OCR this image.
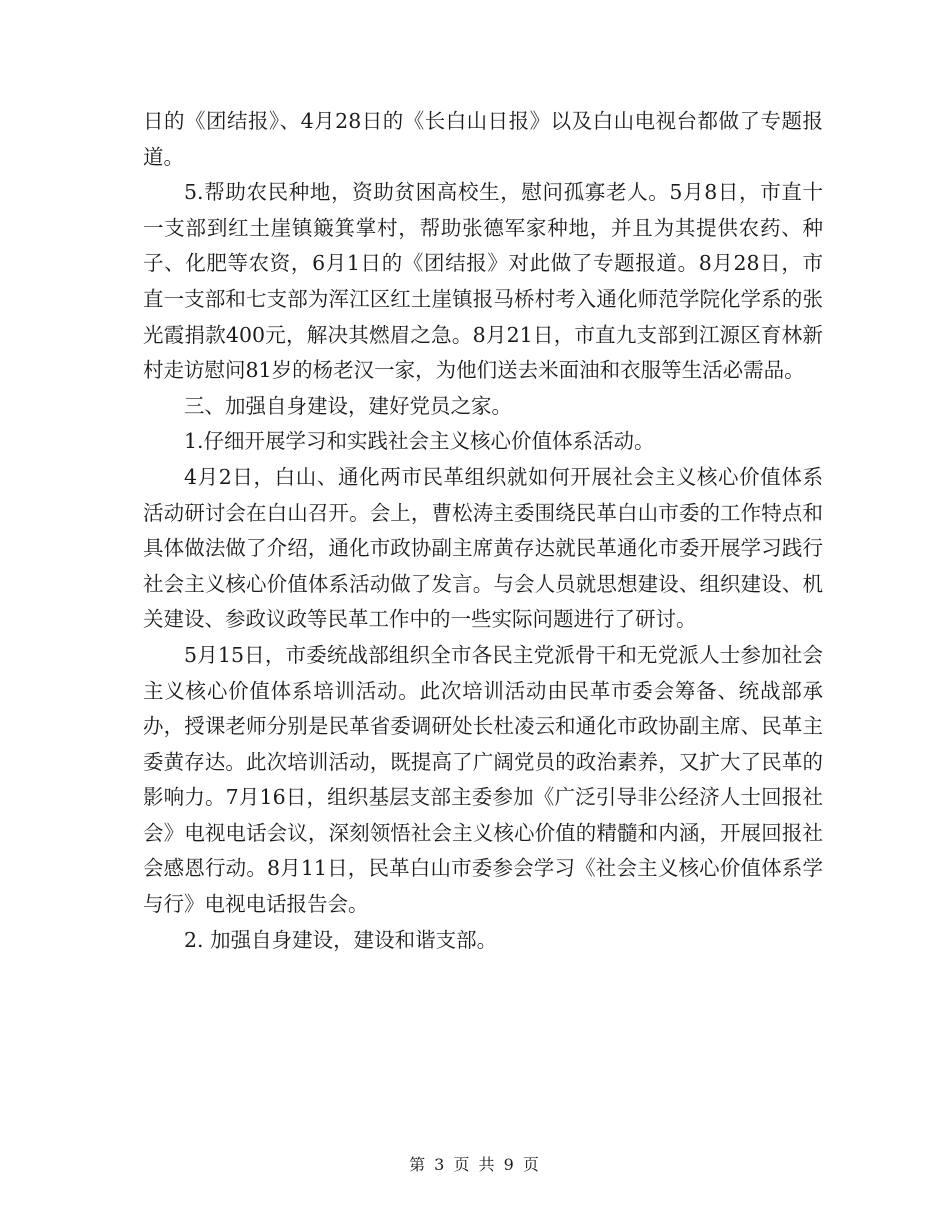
日的《团结报》、4月28日的《长白山日报》以及白山电视台都做了专题报道。

5.帮助农民种地，资助贫困高校生，慰问孤寡老人。5月8日，市直十一支部到红土崖镇簸箕掌村，帮助张德军家种地，并且为其提供农药、种子、化肥等农资，6月1日的《团结报》对此做了专题报道。8月28日，市直一支部和七支部为浑江区红土崖镇报马桥村考入通化师范学院化学系的张光霞捐款400元，解决其燃眉之急。8月21日，市直九支部到江源区育林新村走访慰问81岁的杨老汉一家，为他们送去米面油和衣服等生活必需品。

三、加强自身建设，建好党员之家。

1.仔细开展学习和实践社会主义核心价值体系活动。

4月2日，白山、通化两市民革组织就如何开展社会主义核心价值体系活动研讨会在白山召开。会上，曹松涛主委围绕民革白山市委的工作特点和具体做法做了介绍，通化市政协副主席黄存达就民革通化市委开展学习践行社会主义核心价值体系活动做了发言。与会人员就思想建设、组织建设、机关建设、参政议政等民革工作中的一些实际问题进行了研讨。

5月15日，市委统战部组织全市各民主党派骨干和无党派人士参加社会主义核心价值体系培训活动。此次培训活动由民革市委会筹备、统战部承办，授课老师分别是民革省委调研处长杜凌云和通化市政协副主席、民革主委黄存达。此次培训活动，既提高了广阔党员的政治素养，又扩大了民革的影响力。7月16日，组织基层支部主委参加《广泛引导非公经济人士回报社会》电视电话会议，深刻领悟社会主义核心价值的精髓和内涵，开展回报社会感恩行动。8月11日，民革白山市委参会学习《社会主义核心价值体系学与行》电视电话报告会。

2. 加强自身建设，建设和谐支部。

第 3 页 共 9 页
